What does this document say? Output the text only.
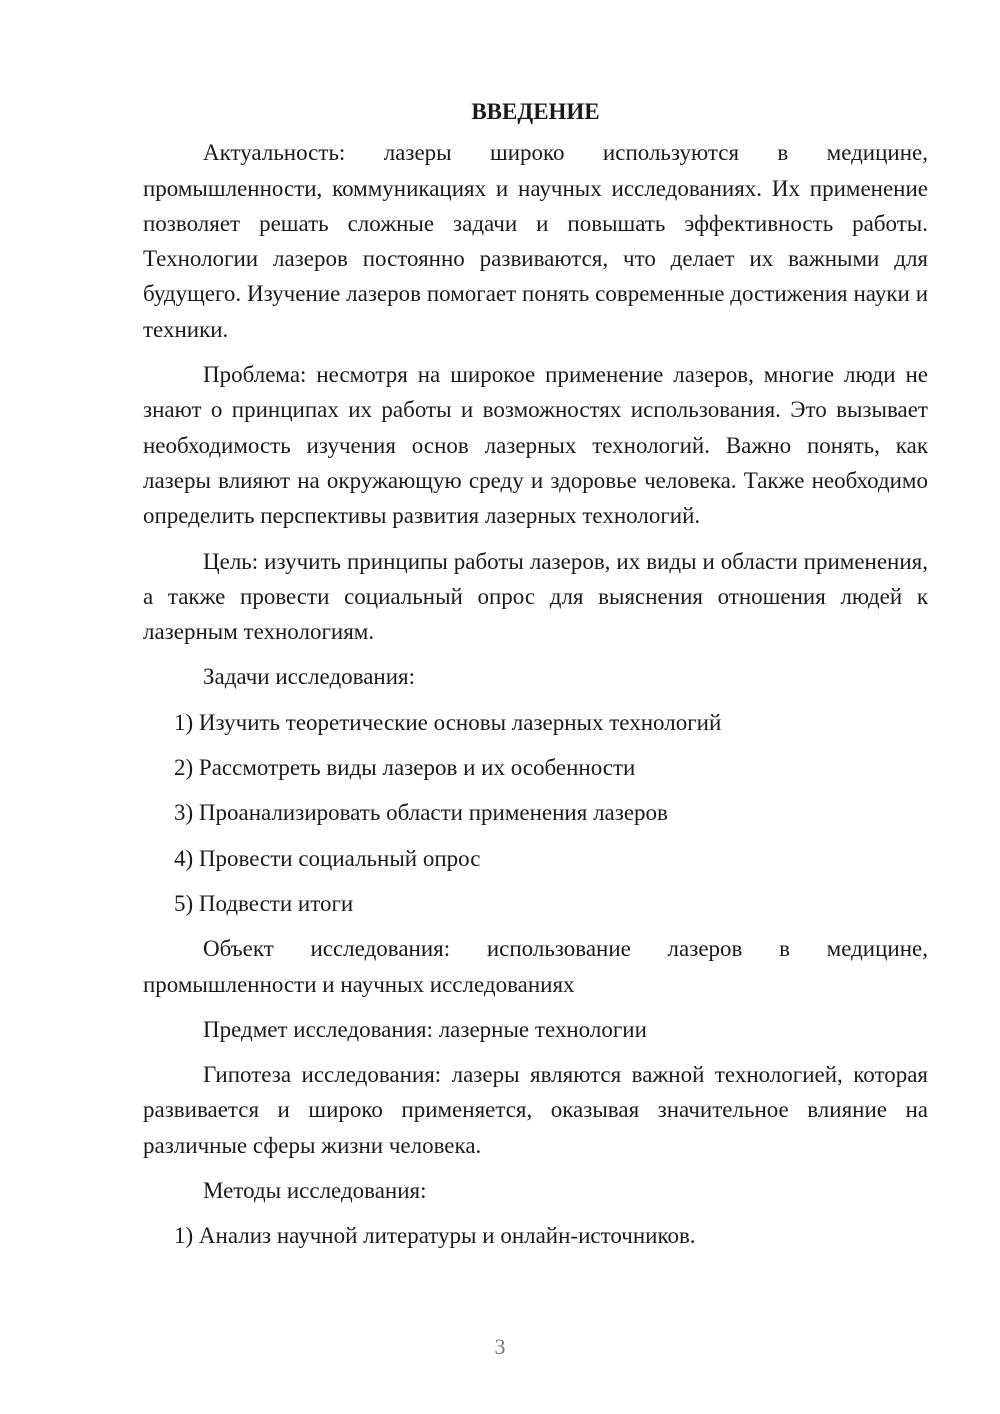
ВВЕДЕНИЕ

Актуальность: лазеры широко используются в медицине, промышленности, коммуникациях и научных исследованиях. Их применение позволяет решать сложные задачи и повышать эффективность работы. Технологии лазеров постоянно развиваются, что делает их важными для будущего. Изучение лазеров помогает понять современные достижения науки и техники.

Проблема: несмотря на широкое применение лазеров, многие люди не знают о принципах их работы и возможностях использования. Это вызывает необходимость изучения основ лазерных технологий. Важно понять, как лазеры влияют на окружающую среду и здоровье человека. Также необходимо определить перспективы развития лазерных технологий.

Цель: изучить принципы работы лазеров, их виды и области применения, а также провести социальный опрос для выяснения отношения людей к лазерным технологиям.

Задачи исследования:

1) Изучить теоретические основы лазерных технологий
2) Рассмотреть виды лазеров и их особенности
3) Проанализировать области применения лазеров
4) Провести социальный опрос
5) Подвести итоги

Объект исследования: использование лазеров в медицине, промышленности и научных исследованиях

Предмет исследования: лазерные технологии

Гипотеза исследования: лазеры являются важной технологией, которая развивается и широко применяется, оказывая значительное влияние на различные сферы жизни человека.

Методы исследования:

1) Анализ научной литературы и онлайн-источников.
3
